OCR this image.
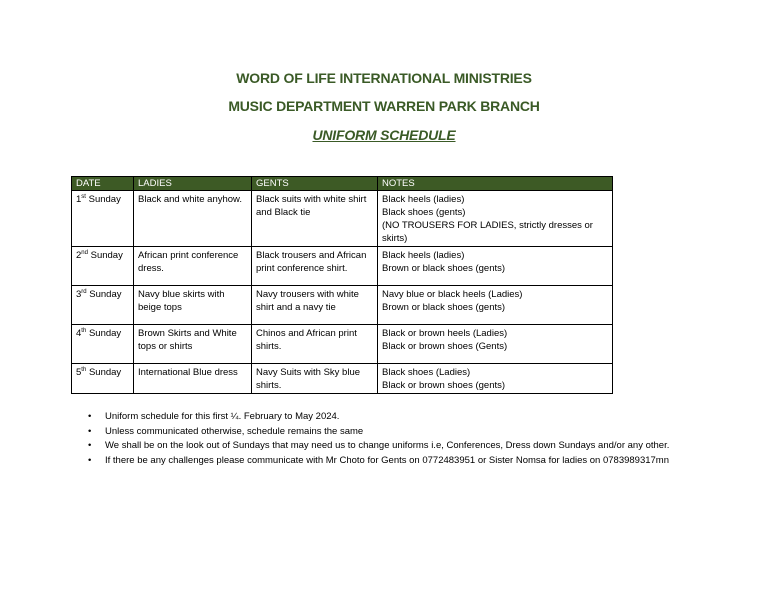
WORD OF LIFE INTERNATIONAL MINISTRIES
MUSIC DEPARTMENT WARREN PARK BRANCH
UNIFORM SCHEDULE
DATE	LADIES	GENTS	NOTES
1st Sunday	Black and white anyhow.	Black suits with white shirt and Black tie	Black heels (ladies)
Black shoes (gents)
(NO TROUSERS FOR LADIES, strictly dresses or skirts)

2nd Sunday	African print conference dress.	Black trousers and African print conference shirt.	Black heels (ladies)
Brown or black shoes (gents)

3rd Sunday	Navy blue skirts with beige tops	Navy trousers with white shirt and a navy tie	Navy blue or black heels (Ladies)
Brown or black shoes (gents)

4th Sunday	Brown Skirts and White tops or shirts	Chinos and African print shirts.	Black or brown heels (Ladies)
Black or brown shoes (Gents)

5th Sunday	International Blue dress	Navy Suits with Sky blue shirts.	Black shoes (Ladies)
Black or brown shoes (gents)
• Uniform schedule for this first ¼. February to May 2024.
• Unless communicated otherwise, schedule remains the same
• We shall be on the look out of Sundays that may need us to change uniforms i.e, Conferences, Dress down Sundays and/or any other.
• If there be any challenges please communicate with Mr Choto for Gents on 0772483951 or Sister Nomsa for ladies on 0783989317mn
